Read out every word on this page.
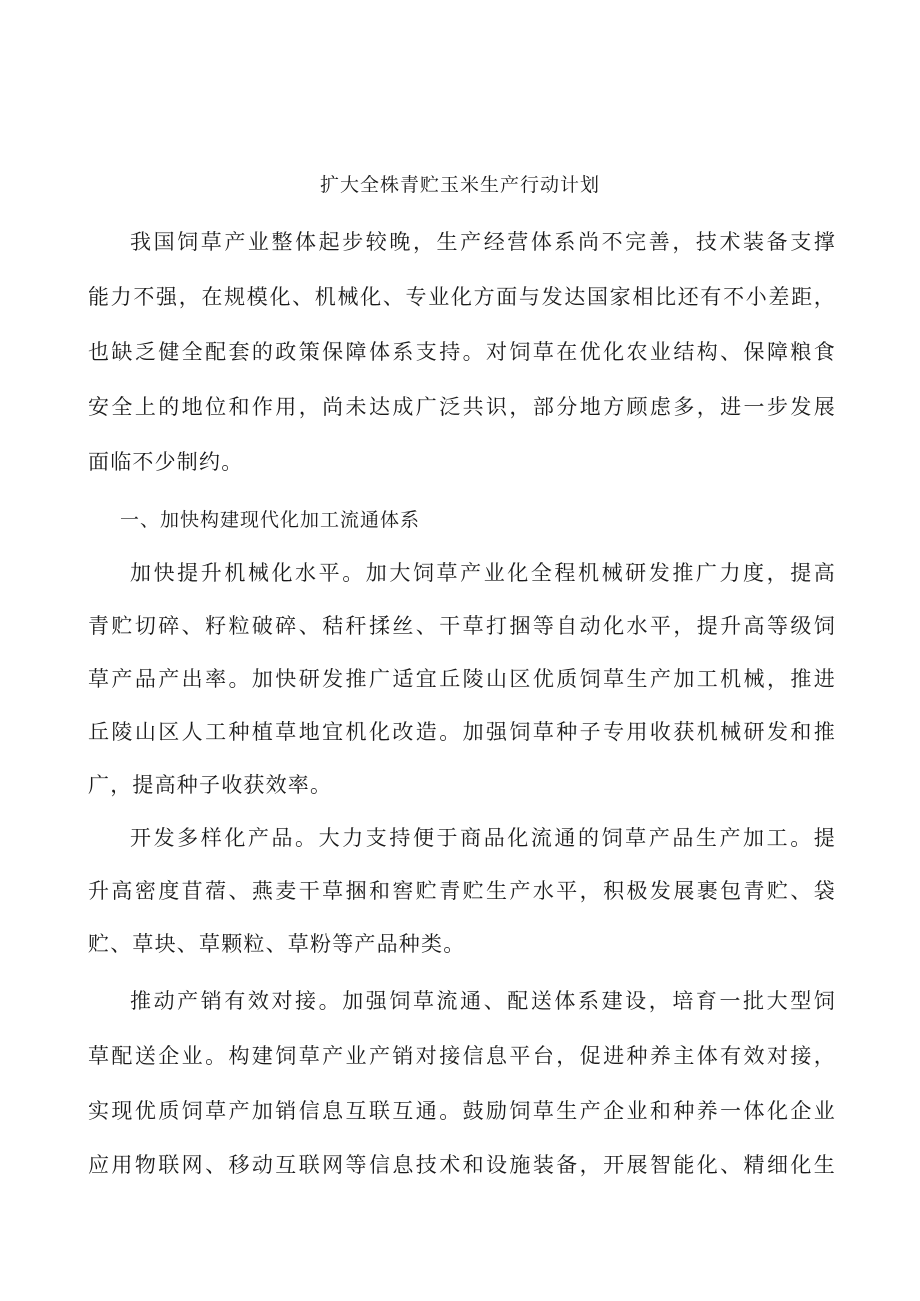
扩大全株青贮玉米生产行动计划

我国饲草产业整体起步较晚，生产经营体系尚不完善，技术装备支撑

能力不强，在规模化、机械化、专业化方面与发达国家相比还有不小差距，

也缺乏健全配套的政策保障体系支持。对饲草在优化农业结构、保障粮食

安全上的地位和作用，尚未达成广泛共识，部分地方顾虑多，进一步发展

面临不少制约。

一、加快构建现代化加工流通体系

加快提升机械化水平。加大饲草产业化全程机械研发推广力度，提高

青贮切碎、籽粒破碎、秸秆揉丝、干草打捆等自动化水平，提升高等级饲

草产品产出率。加快研发推广适宜丘陵山区优质饲草生产加工机械，推进

丘陵山区人工种植草地宜机化改造。加强饲草种子专用收获机械研发和推

广，提高种子收获效率。

开发多样化产品。大力支持便于商品化流通的饲草产品生产加工。提

升高密度苜蓿、燕麦干草捆和窖贮青贮生产水平，积极发展裹包青贮、袋

贮、草块、草颗粒、草粉等产品种类。

推动产销有效对接。加强饲草流通、配送体系建设，培育一批大型饲

草配送企业。构建饲草产业产销对接信息平台，促进种养主体有效对接，

实现优质饲草产加销信息互联互通。鼓励饲草生产企业和种养一体化企业

应用物联网、移动互联网等信息技术和设施装备，开展智能化、精细化生
